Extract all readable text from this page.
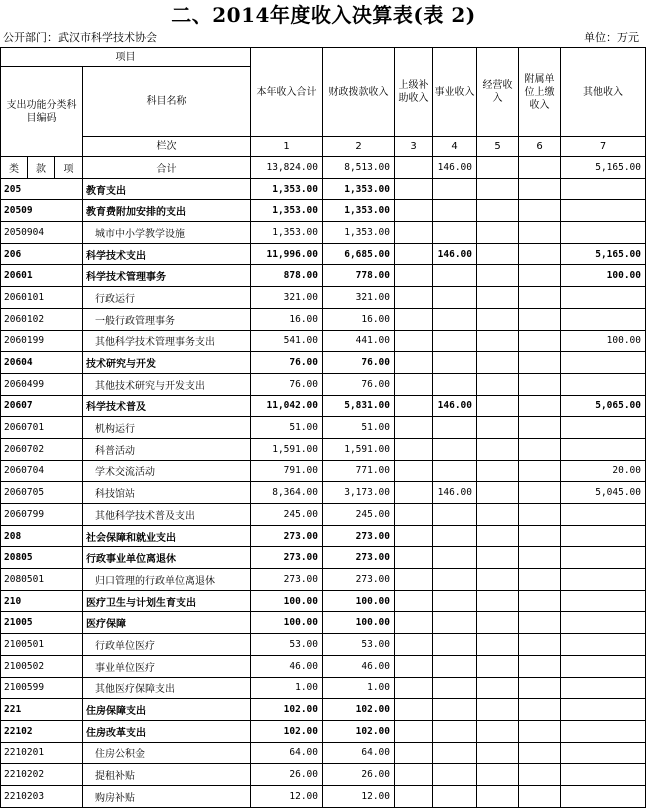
二、2014年度收入决算表(表 2)
公开部门：武汉市科学技术协会	单位：万元
项目				本年收入合计	财政拨款收入	上级补助收入	事业收入	经营收入	附属单位上缴收入	其他收入
支出功能分类科目编码			科目名称							
			栏次	1	2	3	4	5	6	7
类	款	项	合计	13,824.00	8,513.00		146.00			5,165.00
205			教育支出	1,353.00	1,353.00					
20509			教育费附加安排的支出	1,353.00	1,353.00					
2050904			城市中小学教学设施	1,353.00	1,353.00					
206			科学技术支出	11,996.00	6,685.00		146.00			5,165.00
20601			科学技术管理事务	878.00	778.00					100.00
2060101			行政运行	321.00	321.00					
2060102			一般行政管理事务	16.00	16.00					
2060199			其他科学技术管理事务支出	541.00	441.00					100.00
20604			技术研究与开发	76.00	76.00					
2060499			其他技术研究与开发支出	76.00	76.00					
20607			科学技术普及	11,042.00	5,831.00		146.00			5,065.00
2060701			机构运行	51.00	51.00					
2060702			科普活动	1,591.00	1,591.00					
2060704			学术交流活动	791.00	771.00					20.00
2060705			科技馆站	8,364.00	3,173.00		146.00			5,045.00
2060799			其他科学技术普及支出	245.00	245.00					
208			社会保障和就业支出	273.00	273.00					
20805			行政事业单位离退休	273.00	273.00					
2080501			归口管理的行政单位离退休	273.00	273.00					
210			医疗卫生与计划生育支出	100.00	100.00					
21005			医疗保障	100.00	100.00					
2100501			行政单位医疗	53.00	53.00					
2100502			事业单位医疗	46.00	46.00					
2100599			其他医疗保障支出	1.00	1.00					
221			住房保障支出	102.00	102.00					
22102			住房改革支出	102.00	102.00					
2210201			住房公积金	64.00	64.00					
2210202			提租补贴	26.00	26.00					
2210203			购房补贴	12.00	12.00					
